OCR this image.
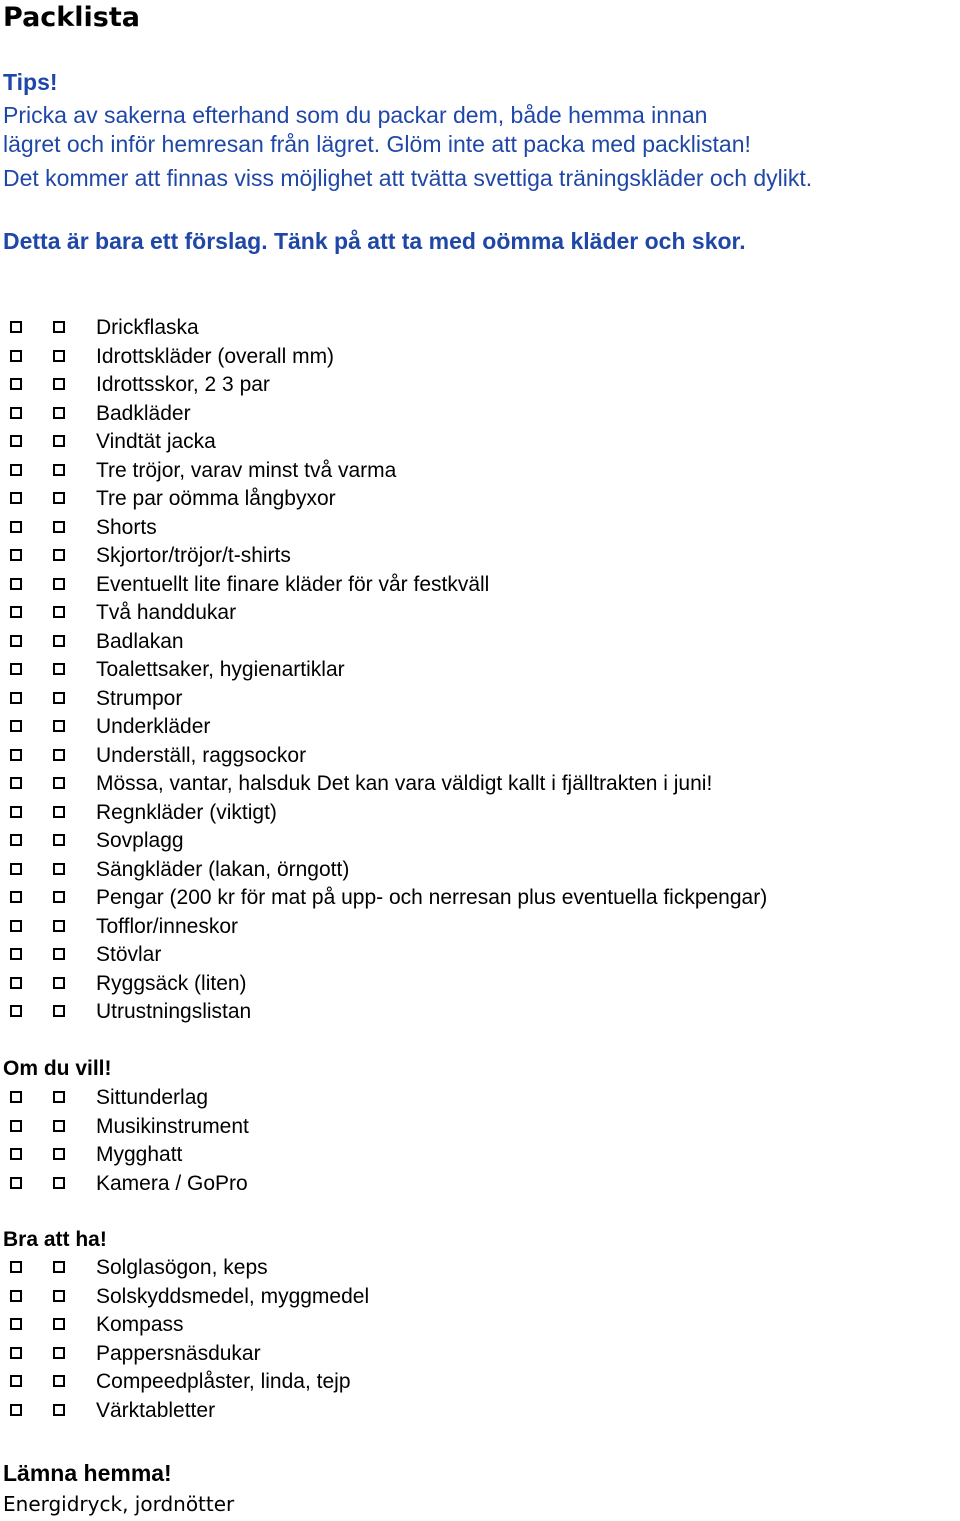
Packlista
Tips!
Pricka av sakerna efterhand som du packar dem, både hemma innan
lägret och inför hemresan från lägret. Glöm inte att packa med packlistan!
Det kommer att finnas viss möjlighet att tvätta svettiga träningskläder och dylikt.
Detta är bara ett förslag. Tänk på att ta med oömma kläder och skor.
Drickflaska
Idrottskläder (overall mm)
Idrottsskor, 2 3 par
Badkläder
Vindtät jacka
Tre tröjor, varav minst två varma
Tre par oömma långbyxor
Shorts
Skjortor/tröjor/t-shirts
Eventuellt lite finare kläder för vår festkväll
Två handdukar
Badlakan
Toalettsaker, hygienartiklar
Strumpor
Underkläder
Underställ, raggsockor
Mössa, vantar, halsduk Det kan vara väldigt kallt i fjälltrakten i juni!
Regnkläder (viktigt)
Sovplagg
Sängkläder (lakan, örngott)
Pengar (200 kr för mat på upp- och nerresan plus eventuella fickpengar)
Tofflor/inneskor
Stövlar
Ryggsäck (liten)
Utrustningslistan
Om du vill!
Sittunderlag
Musikinstrument
Mygghatt
Kamera / GoPro
Bra att ha!
Solglasögon, keps
Solskyddsmedel, myggmedel
Kompass
Pappersnäsdukar
Compeedplåster, linda, tejp
Värktabletter
Lämna hemma!
Energidryck, jordnötter
